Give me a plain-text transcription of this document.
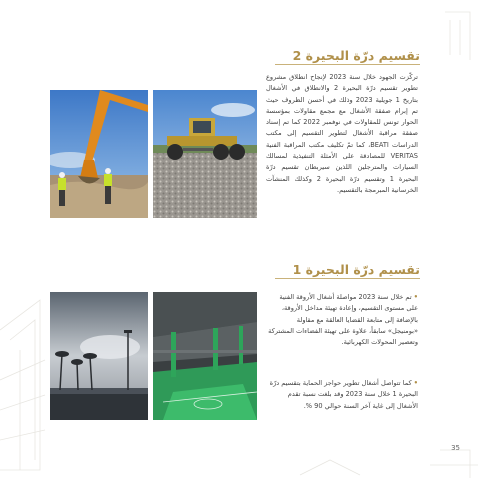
تقسيم درّة البحيرة 2
تركّزت الجهود خلال سنة 2023 لإنجاح انطلاق مشروع تطوير تقسيم درّة البحيرة 2 والانطلاق في الأشغال بتاريخ 1 جويلية 2023 وذلك في أحسن الظروف حيث تم إبرام صفقة الأشغال مع مجمع مقاولات بمؤسسة الحوار تونس للمقاولات في نوفمبر 2022 كما تم إسناد صفقة مراقبة الأشغال لتطوير التقسيم إلى مكتب الدراسات BEATI، كما تمّ تكليف مكتب المراقبة الفنية VERITAS للمصادقة على الأمثلة التنفيذية لمسالك السيارات والمترجلين اللذين سيربطان تقسيم درّة البحيرة 1 وتقسيم درّة البحيرة 2 وكذلك المنشآت الخرسانية المبرمجة بالتقسيم.
تقسيم درّة البحيرة 1
• تم خلال سنة 2023 مواصلة أشغال الأروقة الفنية على مستوى التقسيم، وإعادة تهيئة مداخل الأروقة، بالإضافة إلى متابعة القضايا العالقة مع مقاولة «بومنيجل» سابقاً، علاوة على تهيئة الفضاءات المشتركة وتعصير المحولات الكهربائية.
• كما تتواصل أشغال تطوير حواجز الحماية بتقسيم درّة البحيرة 1 خلال سنة 2023 وقد بلغت نسبة تقدم الأشغال إلى غاية آخر السنة حوالي 90 %.
35
